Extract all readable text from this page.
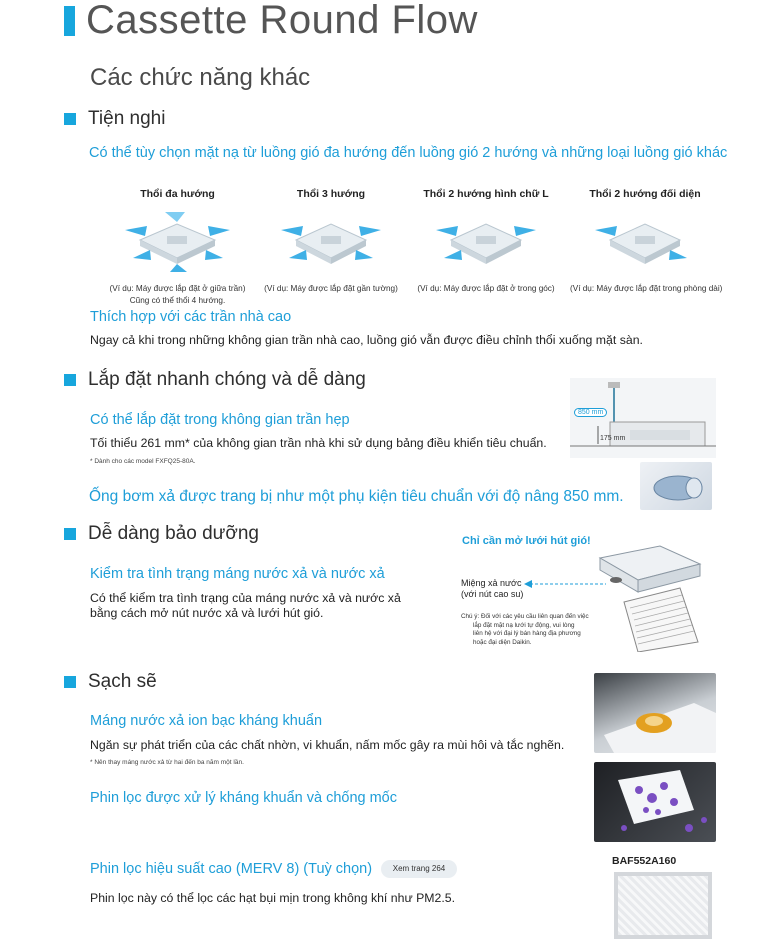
Cassette Round Flow
Các chức năng khác
Tiện nghi
Có thể tùy chọn mặt nạ từ luồng gió đa hướng đến luồng gió 2 hướng và những loại luồng gió khác
Thổi đa hướng
(Ví dụ: Máy được lắp đặt ở giữa trần)
Cũng có thể thổi 4 hướng.
Thổi 3 hướng
(Ví dụ: Máy được lắp đặt gần tường)
Thổi 2 hướng hình chữ L
(Ví dụ: Máy được lắp đặt ở trong góc)
Thổi 2 hướng đối diện
(Ví dụ: Máy được lắp đặt trong phòng dài)
Thích hợp với các trần nhà cao
Ngay cả khi trong những không gian trần nhà cao, luồng gió vẫn được điều chỉnh thổi xuống mặt sàn.
Lắp đặt nhanh chóng và dễ dàng
Có thể lắp đặt trong không gian trần hẹp
Tối thiểu 261 mm* của không gian trần nhà khi sử dụng bảng điều khiển tiêu chuẩn.
* Dành cho các model FXFQ25-80A.
Ống bơm xả được trang bị như một phụ kiện tiêu chuẩn với độ nâng 850 mm.
850 mm
175 mm
Dễ dàng bảo dưỡng
Kiểm tra tình trạng máng nước xả và nước xả
Có thể kiểm tra tình trạng của máng nước xả và nước xả
bằng cách mở nút nước xả và lưới hút gió.
Chỉ cần mở lưới hút gió!
Miệng xả nước
(với nút cao su)
Chú ý: Đối với các yêu cầu liên quan đến việc
lắp đặt mặt nạ lưới tự động, vui lòng
liên hệ với đại lý bán hàng địa phương
hoặc đại diện Daikin.
Sạch sẽ
Máng nước xả ion bạc kháng khuẩn
Ngăn sự phát triển của các chất nhờn, vi khuẩn, nấm mốc gây ra mùi hôi và tắc nghẽn.
* Nên thay máng nước xả từ hai đến ba năm một lần.
Phin lọc được xử lý kháng khuẩn và chống mốc
Phin lọc hiệu suất cao (MERV 8) (Tuỳ chọn)	Xem trang 264
Phin lọc này có thể lọc các hạt bụi mịn trong không khí như PM2.5.
BAF552A160
